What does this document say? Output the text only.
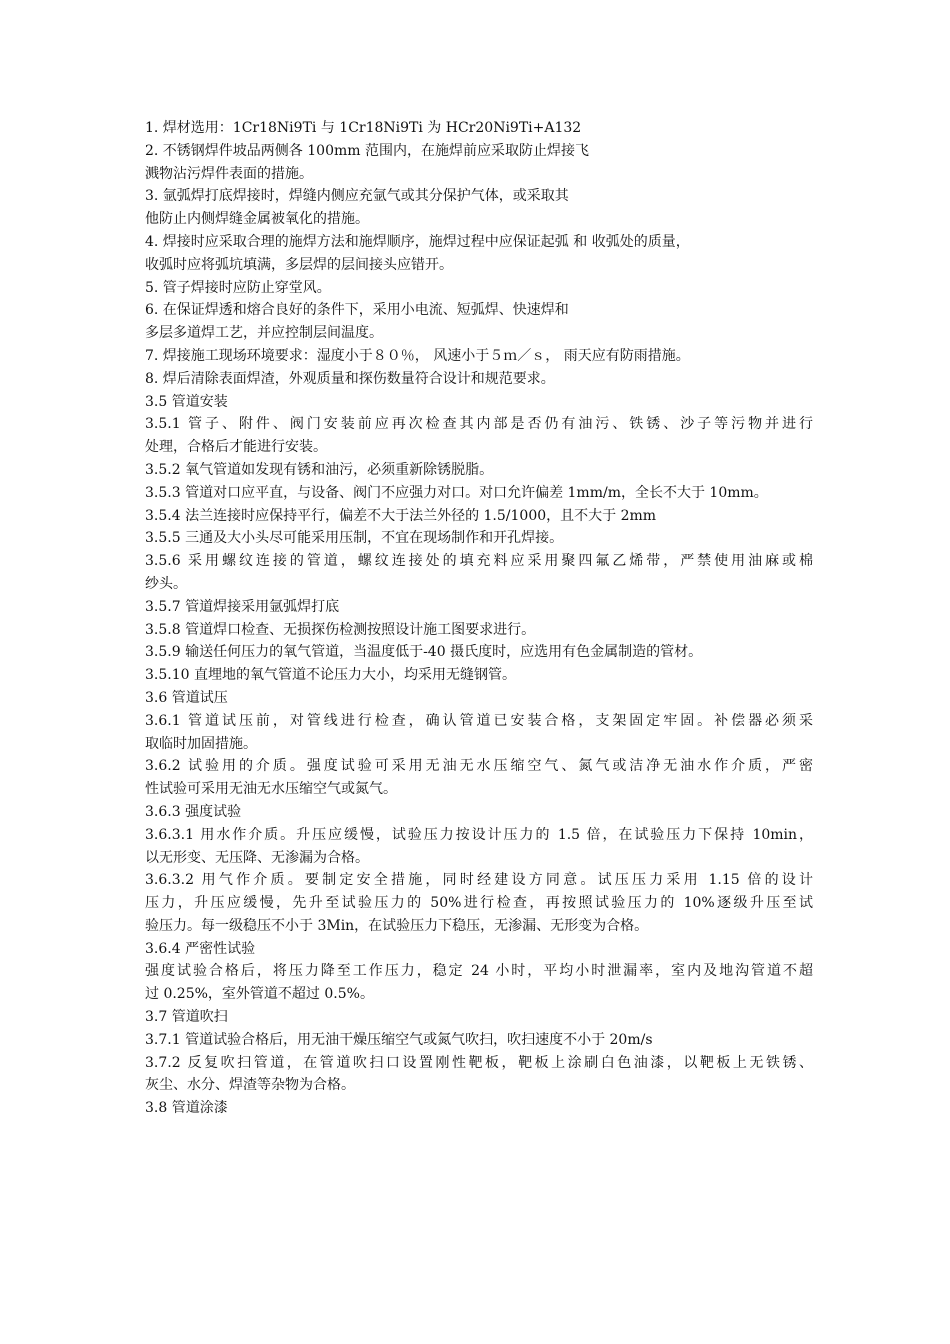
1. 焊材选用：1Cr18Ni9Ti 与 1Cr18Ni9Ti 为 HCr20Ni9Ti+A132
2. 不锈钢焊件坡品两侧各 100mm 范围内，在施焊前应采取防止焊接飞
溅物沾污焊件表面的措施。
3. 氩弧焊打底焊接时，焊缝内侧应充氩气或其分保护气体，或采取其
他防止内侧焊缝金属被氧化的措施。
4. 焊接时应采取合理的施焊方法和施焊顺序，施焊过程中应保证起弧 和 收弧处的质量，
收弧时应将弧坑填满，多层焊的层间接头应错开。
5. 管子焊接时应防止穿堂风。
6. 在保证焊透和熔合良好的条件下，采用小电流、短弧焊、快速焊和
多层多道焊工艺，并应控制层间温度。
7. 焊接施工现场环境要求：湿度小于８０％， 风速小于５ｍ／ｓ， 雨天应有防雨措施。
8. 焊后清除表面焊渣，外观质量和探伤数量符合设计和规范要求。
3.5 管道安装
3.5.1 管子、附件、阀门安装前应再次检查其内部是否仍有油污、铁锈、沙子等污物并进行
处理，合格后才能进行安装。
3.5.2 氧气管道如发现有锈和油污，必须重新除锈脱脂。
3.5.3 管道对口应平直，与设备、阀门不应强力对口。对口允许偏差 1mm/m，全长不大于 10mm。
3.5.4 法兰连接时应保持平行，偏差不大于法兰外径的 1.5/1000，且不大于 2mm
3.5.5 三通及大小头尽可能采用压制，不宜在现场制作和开孔焊接。
3.5.6 采用螺纹连接的管道，螺纹连接处的填充料应采用聚四氟乙烯带，严禁使用油麻或棉
纱头。
3.5.7 管道焊接采用氩弧焊打底
3.5.8 管道焊口检查、无损探伤检测按照设计施工图要求进行。
3.5.9 输送任何压力的氧气管道，当温度低于-40 摄氏度时，应选用有色金属制造的管材。
3.5.10 直埋地的氧气管道不论压力大小，均采用无缝钢管。
3.6 管道试压
3.6.1 管道试压前，对管线进行检查，确认管道已安装合格，支架固定牢固。补偿器必须采
取临时加固措施。
3.6.2 试验用的介质。强度试验可采用无油无水压缩空气、氮气或洁净无油水作介质，严密
性试验可采用无油无水压缩空气或氮气。
3.6.3 强度试验
3.6.3.1 用水作介质。升压应缓慢，试验压力按设计压力的 1.5 倍，在试验压力下保持 10min，
以无形变、无压降、无渗漏为合格。
3.6.3.2 用气作介质。要制定安全措施，同时经建设方同意。试压压力采用 1.15 倍的设计
压力，升压应缓慢，先升至试验压力的 50%进行检查，再按照试验压力的 10%逐级升压至试
验压力。每一级稳压不小于 3Min，在试验压力下稳压，无渗漏、无形变为合格。
3.6.4 严密性试验
强度试验合格后，将压力降至工作压力，稳定 24 小时，平均小时泄漏率，室内及地沟管道不超
过 0.25%，室外管道不超过 0.5%。
3.7 管道吹扫
3.7.1 管道试验合格后，用无油干燥压缩空气或氮气吹扫，吹扫速度不小于 20m/s
3.7.2 反复吹扫管道，在管道吹扫口设置刚性靶板，靶板上涂刷白色油漆，以靶板上无铁锈、
灰尘、水分、焊渣等杂物为合格。
3.8 管道涂漆
